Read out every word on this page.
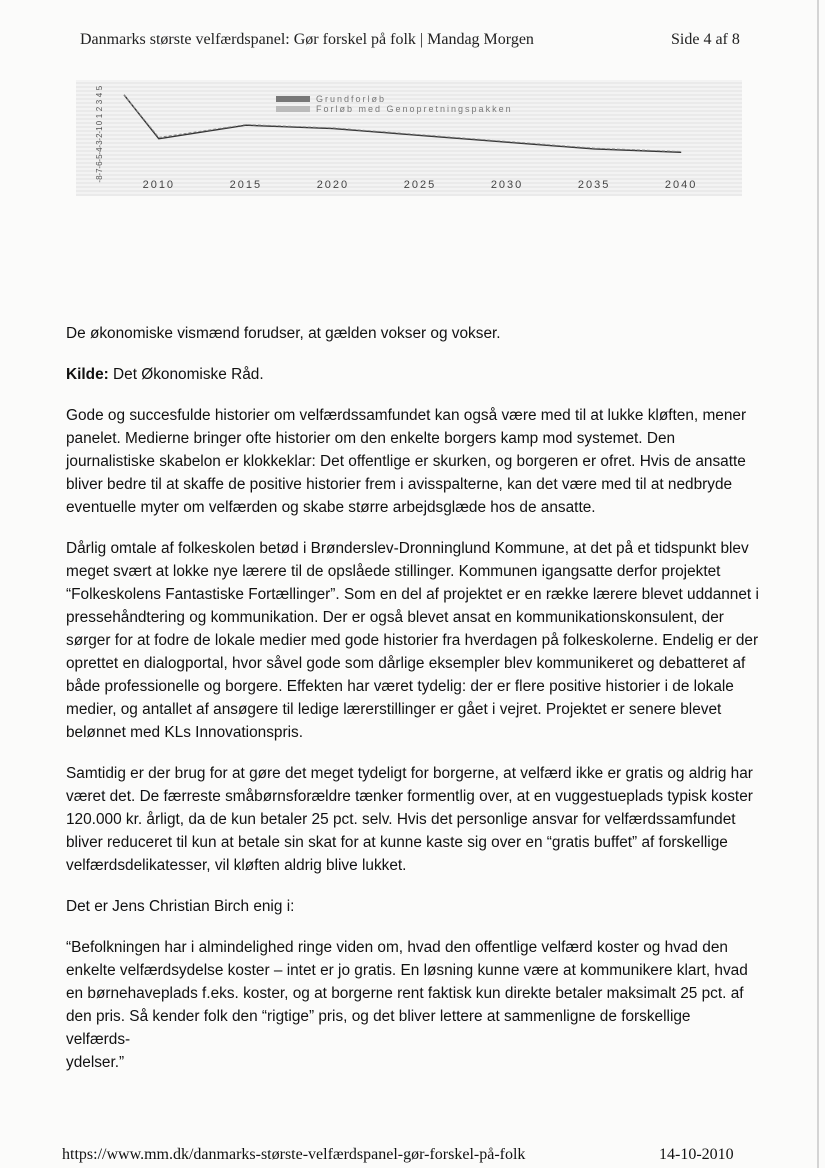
Danmarks største velfærdspanel: Gør forskel på folk | Mandag Morgen	Side 4 af 8
5
4
3
2
1
0
-1
-2
-3
-4
-5
-6
-7
-8	2010	2015	2020	2025	2030	2035	2040
Grundforløb
Forløb med Genopretningspakken

De økonomiske vismænd forudser, at gælden vokser og vokser.

Kilde: Det Økonomiske Råd.

Gode og succesfulde historier om velfærdssamfundet kan også være med til at lukke kløften, mener panelet. Medierne bringer ofte historier om den enkelte borgers kamp mod systemet. Den journalistiske skabelon er klokkeklar: Det offentlige er skurken, og borgeren er ofret. Hvis de ansatte bliver bedre til at skaffe de positive historier frem i avisspalterne, kan det være med til at nedbryde eventuelle myter om velfærden og skabe større arbejdsglæde hos de ansatte.

Dårlig omtale af folkeskolen betød i Brønderslev-Dronninglund Kommune, at det på et tidspunkt blev meget svært at lokke nye lærere til de opslåede stillinger. Kommunen igangsatte derfor projektet “Folkeskolens Fantastiske Fortællinger”. Som en del af projektet er en række lærere blevet uddannet i pressehåndtering og kommunikation. Der er også blevet ansat en kommunikationskonsulent, der sørger for at fodre de lokale medier med gode historier fra hverdagen på folkeskolerne. Endelig er der oprettet en dialogportal, hvor såvel gode som dårlige eksempler blev kommunikeret og debatteret af både professionelle og borgere. Effekten har været tydelig: der er flere positive historier i de lokale medier, og antallet af ansøgere til ledige lærerstillinger er gået i vejret. Projektet er senere blevet belønnet med KLs Innovationspris.

Samtidig er der brug for at gøre det meget tydeligt for borgerne, at velfærd ikke er gratis og aldrig har været det. De færreste småbørnsforældre tænker formentlig over, at en vuggestueplads typisk koster 120.000 kr. årligt, da de kun betaler 25 pct. selv. Hvis det personlige ansvar for velfærdssamfundet bliver reduceret til kun at betale sin skat for at kunne kaste sig over en “gratis buffet” af forskellige velfærdsdelikatesser, vil kløften aldrig blive lukket.

Det er Jens Christian Birch enig i:

“Befolkningen har i almindelighed ringe viden om, hvad den offentlige velfærd koster og hvad den enkelte velfærdsydelse koster – intet er jo gratis. En løsning kunne være at kommunikere klart, hvad en børnehaveplads f.eks. koster, og at borgerne rent faktisk kun direkte betaler maksimalt 25 pct. af den pris. Så kender folk den “rigtige” pris, og det bliver lettere at sammenligne de forskellige
velfærds-
ydelser.”

https://www.mm.dk/danmarks-største-velfærdspanel-gør-forskel-på-folk	14-10-2010
